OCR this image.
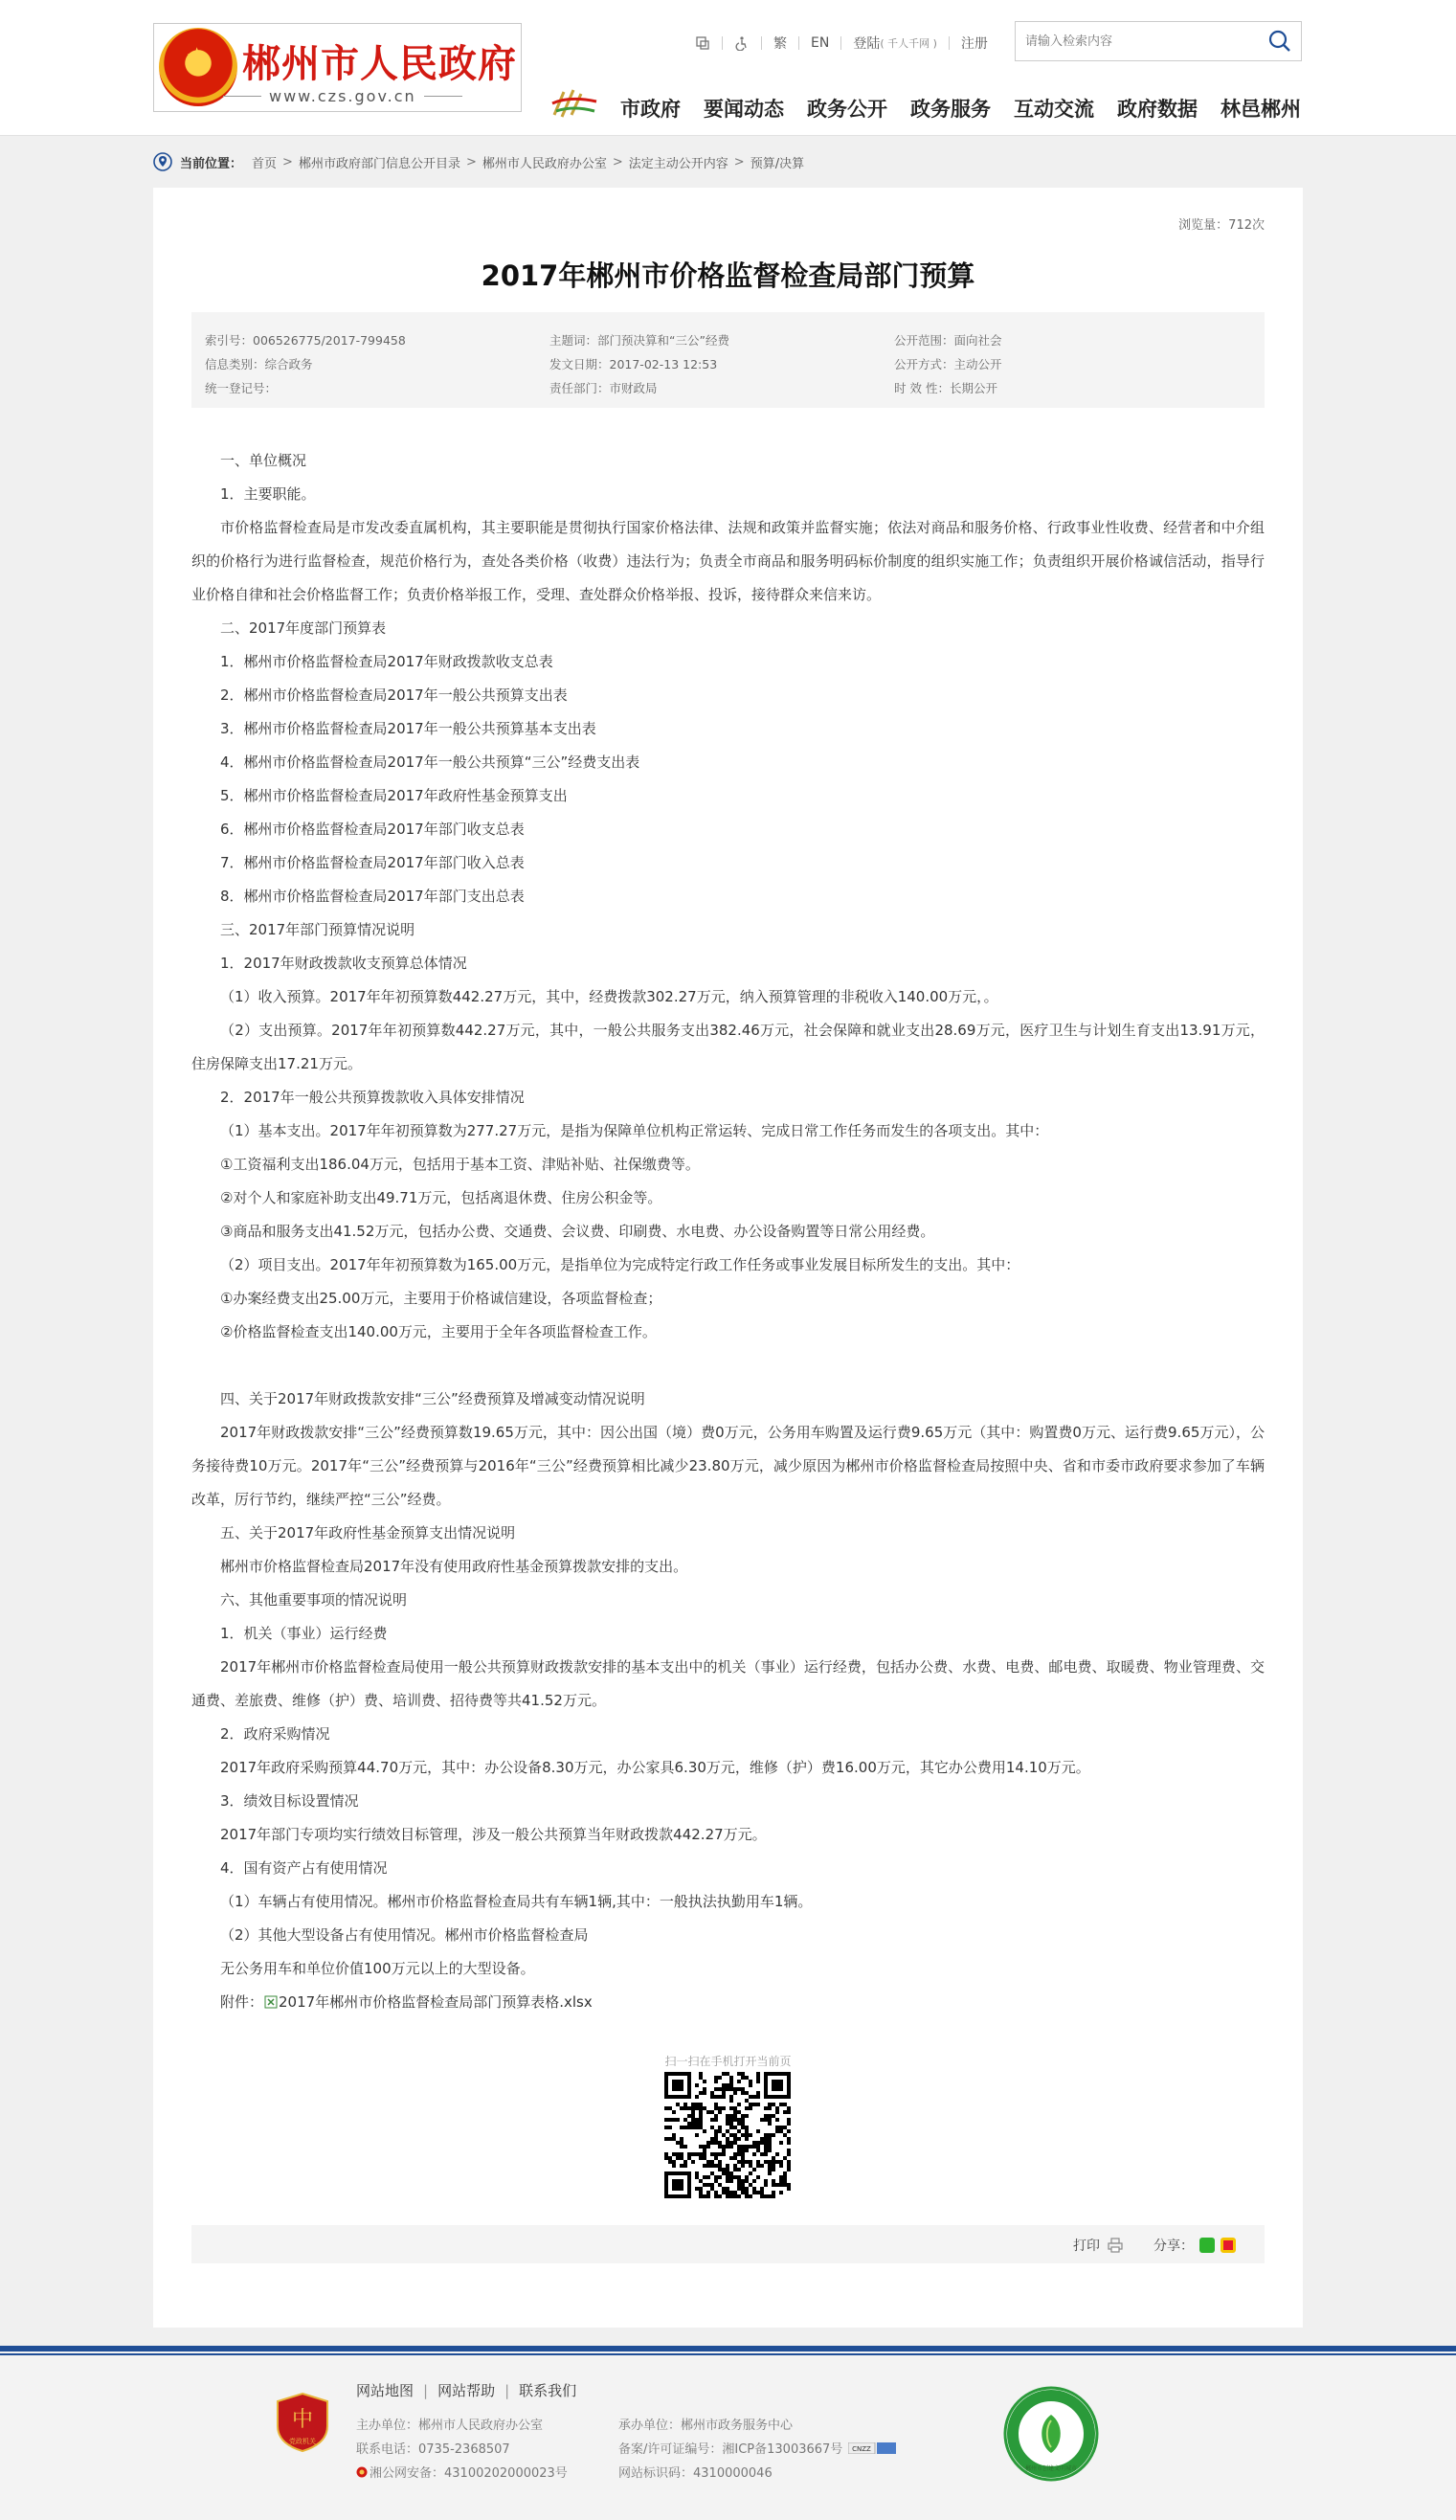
★
郴州市人民政府
www.czs.gov.cn
繁 EN 登陆 ( 千人千网 ) 注册
请输入检索内容
市政府 要闻动态 政务公开 政务服务 互动交流 政府数据 林邑郴州
当前位置： 首页 > 郴州市政府部门信息公开目录 > 郴州市人民政府办公室 > 法定主动公开内容 > 预算/决算
浏览量：712次
2017年郴州市价格监督检查局部门预算
索引号：006526775/2017-799458
信息类别：综合政务
统一登记号：
主题词：部门预决算和“三公”经费
发文日期：2017-02-13 12:53
责任部门：市财政局
公开范围：面向社会
公开方式：主动公开
时 效 性：长期公开

一、单位概况

1．主要职能。

市价格监督检查局是市发改委直属机构，其主要职能是贯彻执行国家价格法律、法规和政策并监督实施；依法对商品和服务价格、行政事业性收费、经营者和中介组织的价格行为进行监督检查，规范价格行为，查处各类价格（收费）违法行为；负责全市商品和服务明码标价制度的组织实施工作；负责组织开展价格诚信活动，指导行业价格自律和社会价格监督工作；负责价格举报工作，受理、查处群众价格举报、投诉，接待群众来信来访。

二、2017年度部门预算表

1．郴州市价格监督检查局2017年财政拨款收支总表

2．郴州市价格监督检查局2017年一般公共预算支出表

3．郴州市价格监督检查局2017年一般公共预算基本支出表

4．郴州市价格监督检查局2017年一般公共预算“三公”经费支出表

5．郴州市价格监督检查局2017年政府性基金预算支出

6．郴州市价格监督检查局2017年部门收支总表

7．郴州市价格监督检查局2017年部门收入总表

8．郴州市价格监督检查局2017年部门支出总表

三、2017年部门预算情况说明

1．2017年财政拨款收支预算总体情况

（1）收入预算。2017年年初预算数442.27万元，其中，经费拨款302.27万元，纳入预算管理的非税收入140.00万元，。

（2）支出预算。2017年年初预算数442.27万元，其中，一般公共服务支出382.46万元，社会保障和就业支出28.69万元，医疗卫生与计划生育支出13.91万元，住房保障支出17.21万元。

2．2017年一般公共预算拨款收入具体安排情况

（1）基本支出。2017年年初预算数为277.27万元，是指为保障单位机构正常运转、完成日常工作任务而发生的各项支出。其中：

①工资福利支出186.04万元，包括用于基本工资、津贴补贴、社保缴费等。

②对个人和家庭补助支出49.71万元，包括离退休费、住房公积金等。

③商品和服务支出41.52万元，包括办公费、交通费、会议费、印刷费、水电费、办公设备购置等日常公用经费。

（2）项目支出。2017年年初预算数为165.00万元，是指单位为完成特定行政工作任务或事业发展目标所发生的支出。其中：

①办案经费支出25.00万元，主要用于价格诚信建设，各项监督检查；

②价格监督检查支出140.00万元，主要用于全年各项监督检查工作。

四、关于2017年财政拨款安排“三公”经费预算及增减变动情况说明

2017年财政拨款安排“三公”经费预算数19.65万元，其中：因公出国（境）费0万元，公务用车购置及运行费9.65万元（其中：购置费0万元、运行费9.65万元），公务接待费10万元。2017年“三公”经费预算与2016年“三公”经费预算相比减少23.80万元，减少原因为郴州市价格监督检查局按照中央、省和市委市政府要求参加了车辆改革，厉行节约，继续严控“三公”经费。

五、关于2017年政府性基金预算支出情况说明

郴州市价格监督检查局2017年没有使用政府性基金预算拨款安排的支出。

六、其他重要事项的情况说明

1．机关（事业）运行经费

2017年郴州市价格监督检查局使用一般公共预算财政拨款安排的基本支出中的机关（事业）运行经费，包括办公费、水费、电费、邮电费、取暖费、物业管理费、交通费、差旅费、维修（护）费、培训费、招待费等共41.52万元。

2．政府采购情况

2017年政府采购预算44.70万元，其中：办公设备8.30万元，办公家具6.30万元，维修（护）费16.00万元，其它办公费用14.10万元。

3．绩效目标设置情况

2017年部门专项均实行绩效目标管理，涉及一般公共预算当年财政拨款442.27万元。

4．国有资产占有使用情况

（1）车辆占有使用情况。郴州市价格监督检查局共有车辆1辆,其中：一般执法执勤用车1辆。

（2）其他大型设备占有使用情况。郴州市价格监督检查局

无公务用车和单位价值100万元以上的大型设备。

附件： 2017年郴州市价格监督检查局部门预算表格.xlsx

扫一扫在手机打开当前页
打印	分享：
中
党政机关
网站地图 | 网站帮助 | 联系我们
主办单位：郴州市人民政府办公室
联系电话：0735-2368507
湘公网安备：43100202000023号
承办单位：郴州市政务服务中心
备案/许可证编号：湘ICP备13003667号 CNZZ
网站标识码：4310000046	郴州市创建文明城市
